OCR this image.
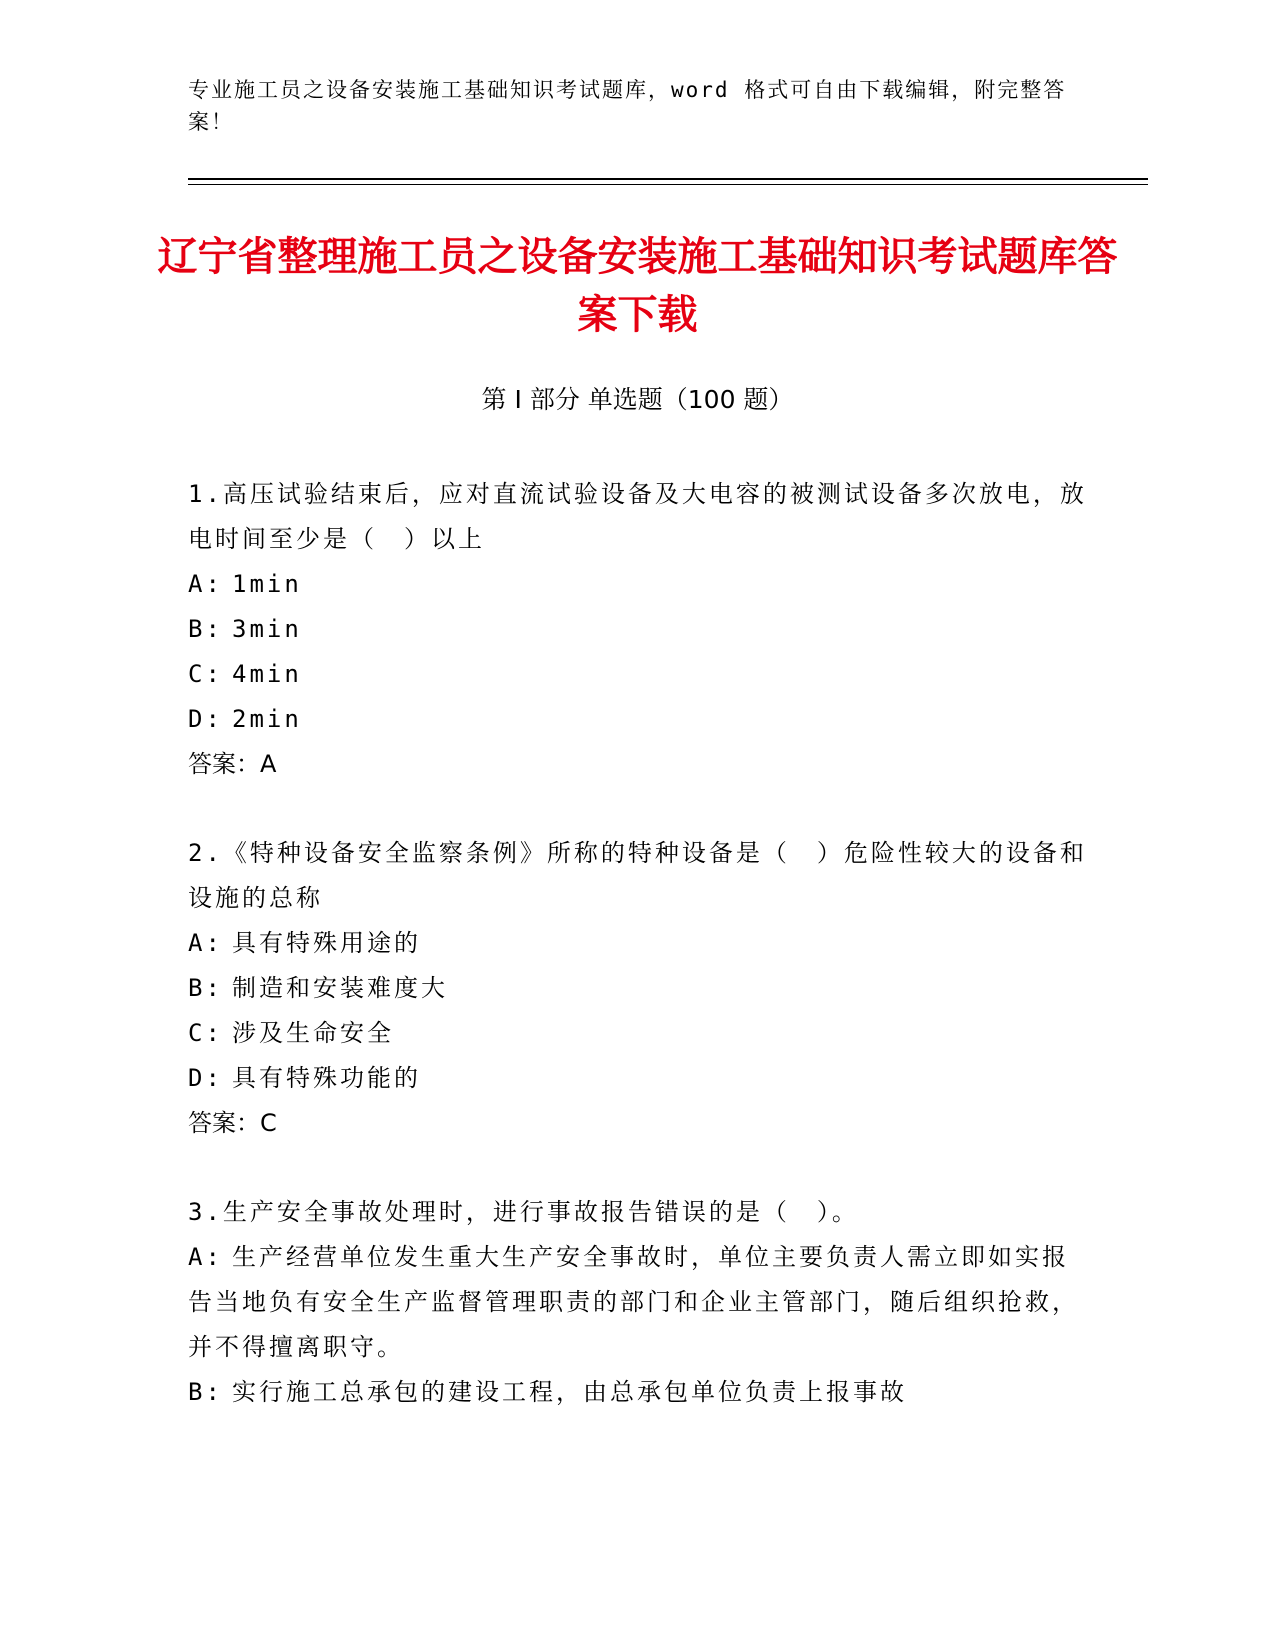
专业施工员之设备安装施工基础知识考试题库，word 格式可自由下载编辑，附完整答案！
辽宁省整理施工员之设备安装施工基础知识考试题库答案下载
第 I 部分 单选题（100 题）
1.高压试验结束后，应对直流试验设备及大电容的被测试设备多次放电，放电时间至少是（　）以上
A: 1min
B: 3min
C: 4min
D: 2min
答案：A
2.《特种设备安全监察条例》所称的特种设备是（　）危险性较大的设备和设施的总称
A: 具有特殊用途的
B: 制造和安装难度大
C: 涉及生命安全
D: 具有特殊功能的
答案：C
3.生产安全事故处理时，进行事故报告错误的是（　）。
A: 生产经营单位发生重大生产安全事故时，单位主要负责人需立即如实报告当地负有安全生产监督管理职责的部门和企业主管部门，随后组织抢救，并不得擅离职守。
B: 实行施工总承包的建设工程，由总承包单位负责上报事故
